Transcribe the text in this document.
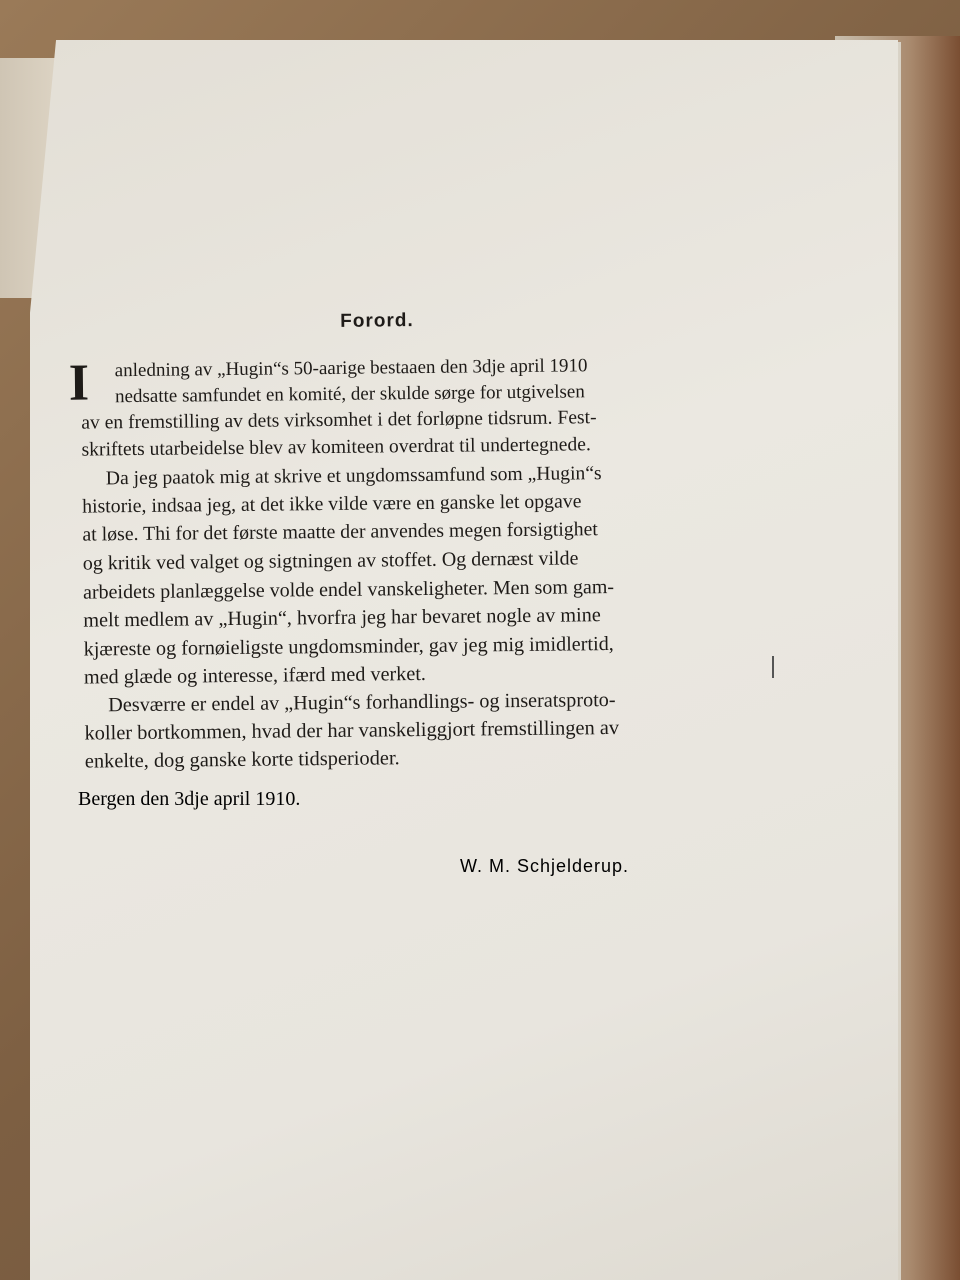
Forord.
I anledning av „Hugin“s 50-aarige bestaaen den 3dje april 1910
nedsatte samfundet en komité, der skulde sørge for utgivelsen
av en fremstilling av dets virksomhet i det forløpne tidsrum. Fest-
skriftets utarbeidelse blev av komiteen overdrat til undertegnede.
Da jeg paatok mig at skrive et ungdomssamfund som „Hugin“s
historie, indsaa jeg, at det ikke vilde være en ganske let opgave
at løse. Thi for det første maatte der anvendes megen forsigtighet
og kritik ved valget og sigtningen av stoffet. Og dernæst vilde
arbeidets planlæggelse volde endel vanskeligheter. Men som gam-
melt medlem av „Hugin“, hvorfra jeg har bevaret nogle av mine
kjæreste og fornøieligste ungdomsminder, gav jeg mig imidlertid,
med glæde og interesse, ifærd med verket.
Desværre er endel av „Hugin“s forhandlings- og inseratsproto-
koller bortkommen, hvad der har vanskeliggjort fremstillingen av
enkelte, dog ganske korte tidsperioder.
Bergen den 3dje april 1910.
W. M. Schjelderup.
